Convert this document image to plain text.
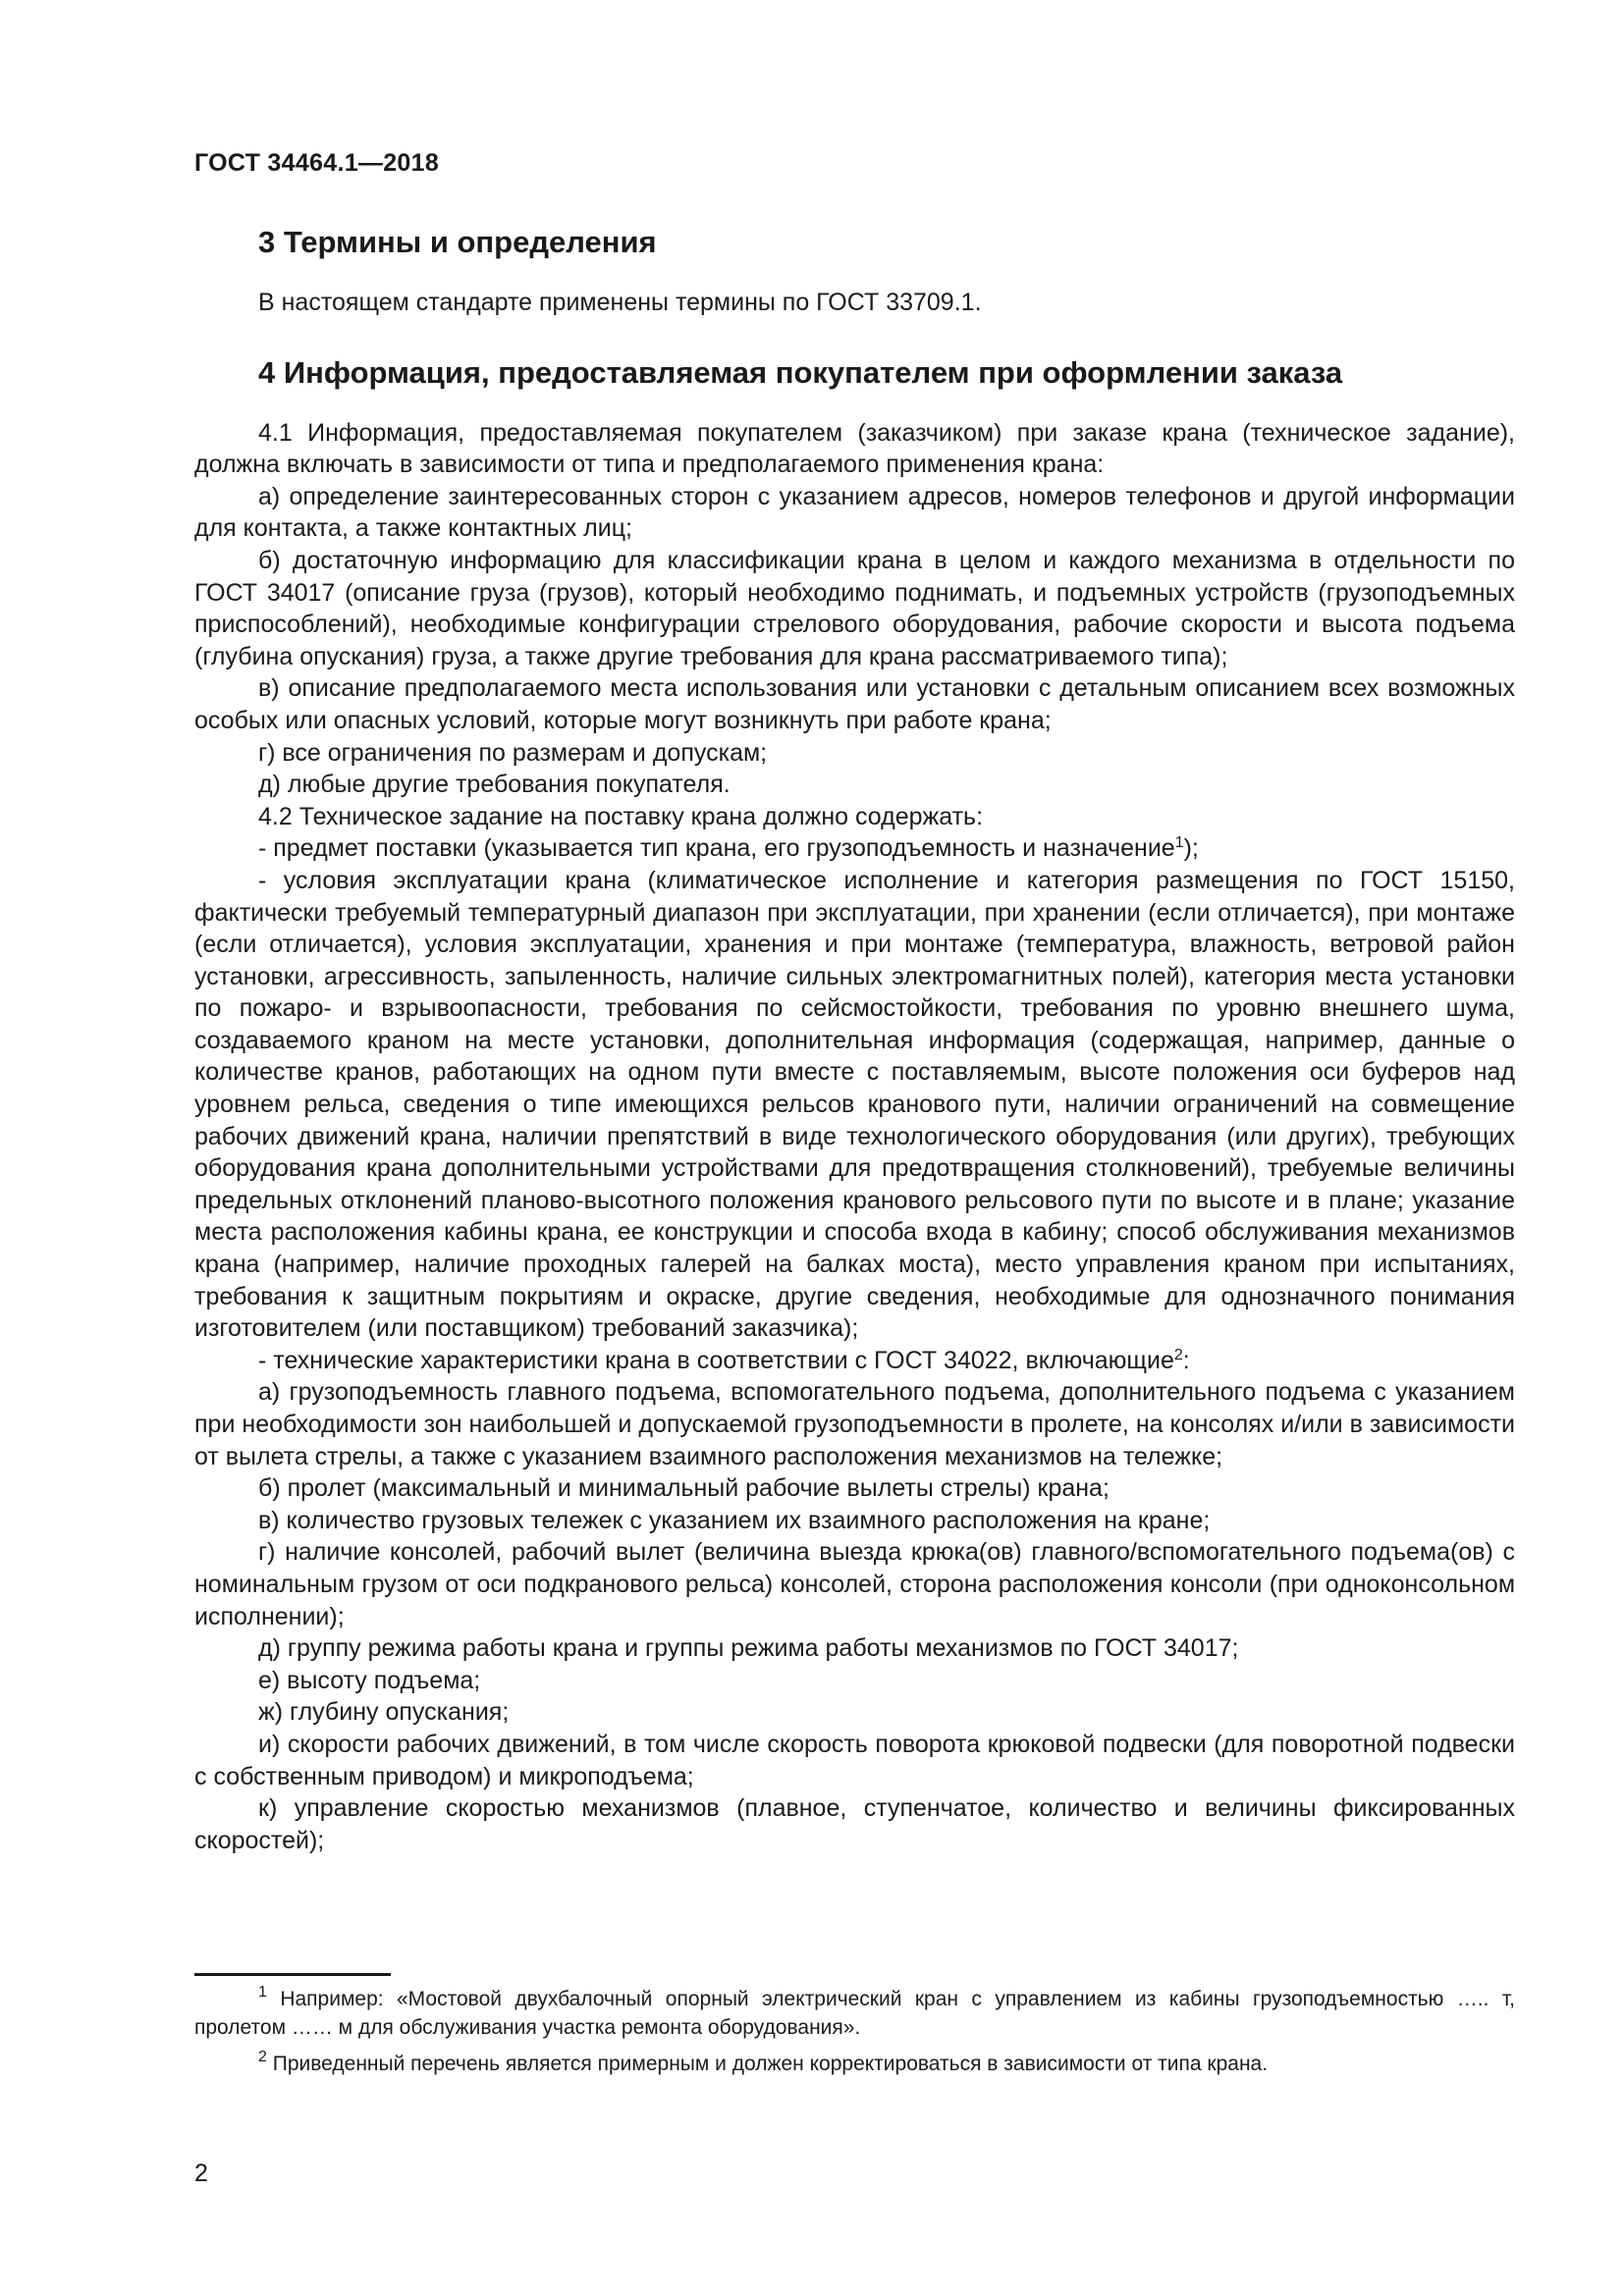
ГОСТ 34464.1—2018
3 Термины и определения

В настоящем стандарте применены термины по ГОСТ 33709.1.

4 Информация, предоставляемая покупателем при оформлении заказа

4.1 Информация, предоставляемая покупателем (заказчиком) при заказе крана (техническое задание), должна включать в зависимости от типа и предполагаемого применения крана:

а) определение заинтересованных сторон с указанием адресов, номеров телефонов и другой информации для контакта, а также контактных лиц;

б) достаточную информацию для классификации крана в целом и каждого механизма в отдельности по ГОСТ 34017 (описание груза (грузов), который необходимо поднимать, и подъемных устройств (грузоподъемных приспособлений), необходимые конфигурации стрелового оборудования, рабочие скорости и высота подъема (глубина опускания) груза, а также другие требования для крана рассматриваемого типа);

в) описание предполагаемого места использования или установки с детальным описанием всех возможных особых или опасных условий, которые могут возникнуть при работе крана;

г) все ограничения по размерам и допускам;

д) любые другие требования покупателя.

4.2 Техническое задание на поставку крана должно содержать:

- предмет поставки (указывается тип крана, его грузоподъемность и назначение$^1$);

- условия эксплуатации крана (климатическое исполнение и категория размещения по ГОСТ 15150, фактически требуемый температурный диапазон при эксплуатации, при хранении (если отличается), при монтаже (если отличается), условия эксплуатации, хранения и при монтаже (температура, влажность, ветровой район установки, агрессивность, запыленность, наличие сильных электромагнитных полей), категория места установки по пожаро- и взрывоопасности, требования по сейсмостойкости, требования по уровню внешнего шума, создаваемого краном на месте установки, дополнительная информация (содержащая, например, данные о количестве кранов, работающих на одном пути вместе с поставляемым, высоте положения оси буферов над уровнем рельса, сведения о типе имеющихся рельсов кранового пути, наличии ограничений на совмещение рабочих движений крана, наличии препятствий в виде технологического оборудования (или других), требующих оборудования крана дополнительными устройствами для предотвращения столкновений), требуемые величины предельных отклонений планово-высотного положения кранового рельсового пути по высоте и в плане; указание места расположения кабины крана, ее конструкции и способа входа в кабину; способ обслуживания механизмов крана (например, наличие проходных галерей на балках моста), место управления краном при испытаниях, требования к защитным покрытиям и окраске, другие сведения, необходимые для однозначного понимания изготовителем (или поставщиком) требований заказчика);

- технические характеристики крана в соответствии с ГОСТ 34022, включающие$^2$:

а) грузоподъемность главного подъема, вспомогательного подъема, дополнительного подъема с указанием при необходимости зон наибольшей и допускаемой грузоподъемности в пролете, на консолях и/или в зависимости от вылета стрелы, а также с указанием взаимного расположения механизмов на тележке;

б) пролет (максимальный и минимальный рабочие вылеты стрелы) крана;

в) количество грузовых тележек с указанием их взаимного расположения на кране;

г) наличие консолей, рабочий вылет (величина выезда крюка(ов) главного/вспомогательного подъема(ов) с номинальным грузом от оси подкранового рельса) консолей, сторона расположения консоли (при одноконсольном исполнении);

д) группу режима работы крана и группы режима работы механизмов по ГОСТ 34017;

е) высоту подъема;

ж) глубину опускания;

и) скорости рабочих движений, в том числе скорость поворота крюковой подвески (для поворотной подвески с собственным приводом) и микроподъема;

к) управление скоростью механизмов (плавное, ступенчатое, количество и величины фиксированных скоростей);

$^1$ Например: «Мостовой двухбалочный опорный электрический кран с управлением из кабины грузоподъемностью ….. т, пролетом …… м для обслуживания участка ремонта оборудования».

$^2$ Приведенный перечень является примерным и должен корректироваться в зависимости от типа крана.

2
